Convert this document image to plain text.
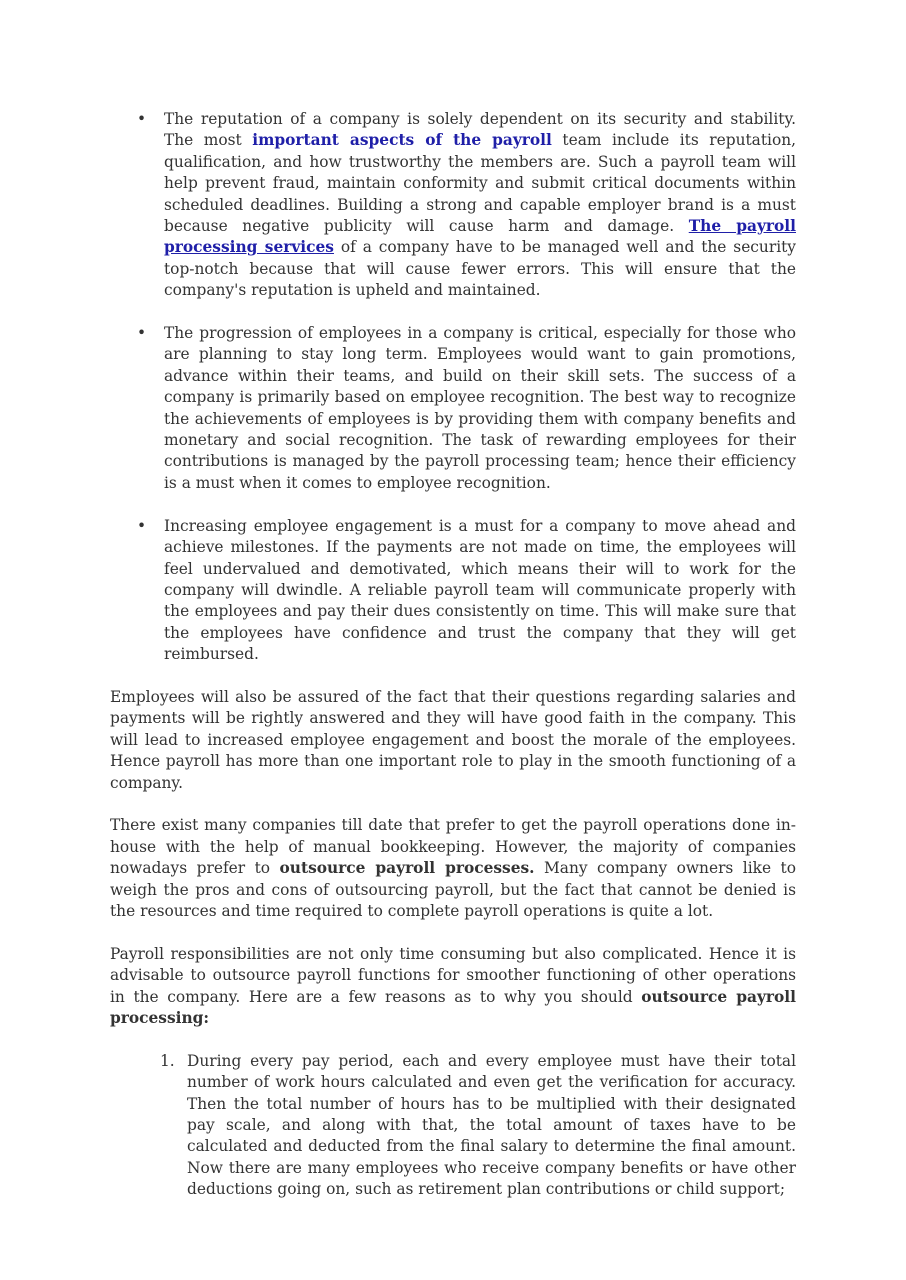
• The reputation of a company is solely dependent on its security and stability. The most important aspects of the payroll team include its reputation, qualification, and how trustworthy the members are. Such a payroll team will help prevent fraud, maintain conformity and submit critical documents within scheduled deadlines. Building a strong and capable employer brand is a must because negative publicity will cause harm and damage. The payroll processing services of a company have to be managed well and the security top-notch because that will cause fewer errors. This will ensure that the company's reputation is upheld and maintained.
• The progression of employees in a company is critical, especially for those who are planning to stay long term. Employees would want to gain promotions, advance within their teams, and build on their skill sets. The success of a company is primarily based on employee recognition. The best way to recognize the achievements of employees is by providing them with company benefits and monetary and social recognition. The task of rewarding employees for their contributions is managed by the payroll processing team; hence their efficiency is a must when it comes to employee recognition.
• Increasing employee engagement is a must for a company to move ahead and achieve milestones. If the payments are not made on time, the employees will feel undervalued and demotivated, which means their will to work for the company will dwindle. A reliable payroll team will communicate properly with the employees and pay their dues consistently on time. This will make sure that the employees have confidence and trust the company that they will get reimbursed.

Employees will also be assured of the fact that their questions regarding salaries and payments will be rightly answered and they will have good faith in the company. This will lead to increased employee engagement and boost the morale of the employees. Hence payroll has more than one important role to play in the smooth functioning of a company.

There exist many companies till date that prefer to get the payroll operations done in-house with the help of manual bookkeeping. However, the majority of companies nowadays prefer to outsource payroll processes. Many company owners like to weigh the pros and cons of outsourcing payroll, but the fact that cannot be denied is the resources and time required to complete payroll operations is quite a lot.

Payroll responsibilities are not only time consuming but also complicated. Hence it is advisable to outsource payroll functions for smoother functioning of other operations in the company. Here are a few reasons as to why you should outsource payroll processing:

1. During every pay period, each and every employee must have their total number of work hours calculated and even get the verification for accuracy. Then the total number of hours has to be multiplied with their designated pay scale, and along with that, the total amount of taxes have to be calculated and deducted from the final salary to determine the final amount. Now there are many employees who receive company benefits or have other deductions going on, such as retirement plan contributions or child support;
